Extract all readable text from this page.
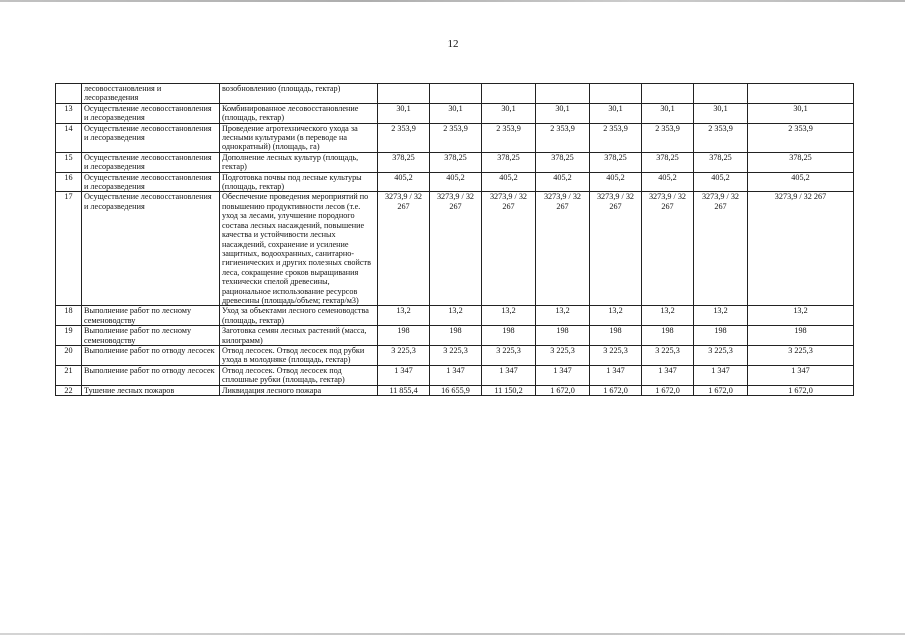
12
	лесовосстановления и лесоразведения	возобновлению (площадь, гектар)								
13	Осуществление лесовосстановления и лесоразведения	Комбинированное лесовосстановление (площадь, гектар)	30,1	30,1	30,1	30,1	30,1	30,1	30,1	30,1
14	Осуществление лесовосстановления и лесоразведения	Проведение агротехнического ухода за лесными культурами (в переводе на однократный) (площадь, га)	2 353,9	2 353,9	2 353,9	2 353,9	2 353,9	2 353,9	2 353,9	2 353,9
15	Осуществление лесовосстановления и лесоразведения	Дополнение лесных культур (площадь, гектар)	378,25	378,25	378,25	378,25	378,25	378,25	378,25	378,25
16	Осуществление лесовосстановления и лесоразведения	Подготовка почвы под лесные культуры (площадь, гектар)	405,2	405,2	405,2	405,2	405,2	405,2	405,2	405,2
17	Осуществление лесовосстановления и лесоразведения	Обеспечение проведения мероприятий по повышению продуктивности лесов (т.е. уход за лесами, улучшение породного состава лесных насаждений, повышение качества и устойчивости лесных насаждений, сохранение и усиление защитных, водоохранных, санитарно-гигиенических и других полезных свойств леса, сокращение сроков выращивания технически спелой древесины, рациональное использование ресурсов древесины (площадь/объем; гектар/м3)	3273,9 / 32 267	3273,9 / 32 267	3273,9 / 32 267	3273,9 / 32 267	3273,9 / 32 267	3273,9 / 32 267	3273,9 / 32 267	3273,9 / 32 267
18	Выполнение работ по лесному семеноводству	Уход за объектами лесного семеноводства (площадь, гектар)	13,2	13,2	13,2	13,2	13,2	13,2	13,2	13,2
19	Выполнение работ по лесному семеноводству	Заготовка семян лесных растений (масса, килограмм)	198	198	198	198	198	198	198	198
20	Выполнение работ по отводу лесосек	Отвод лесосек. Отвод лесосек под рубки ухода в молодняке (площадь, гектар)	3 225,3	3 225,3	3 225,3	3 225,3	3 225,3	3 225,3	3 225,3	3 225,3
21	Выполнение работ по отводу лесосек	Отвод лесосек. Отвод лесосек под сплошные рубки (площадь, гектар)	1 347	1 347	1 347	1 347	1 347	1 347	1 347	1 347
22	Тушение лесных пожаров	Ликвидация лесного пожара	11 855,4	16 655,9	11 150,2	1 672,0	1 672,0	1 672,0	1 672,0	1 672,0
